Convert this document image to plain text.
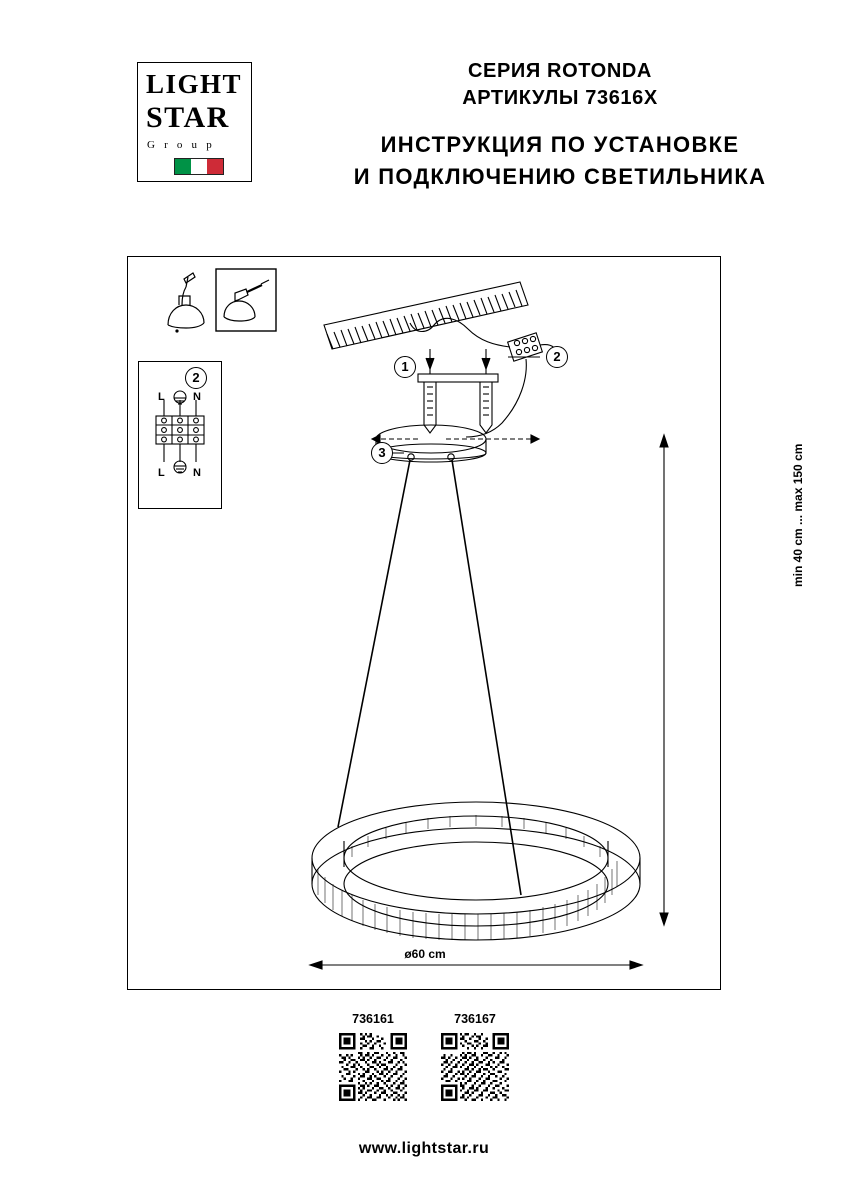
LIGHT
STAR
G r o u p
СЕРИЯ ROTONDA
АРТИКУЛЫ 73616X
ИНСТРУКЦИЯ ПО УСТАНОВКЕ
И ПОДКЛЮЧЕНИЮ СВЕТИЛЬНИКА
L	N
L	N
2
1
2
3	min 40 cm ... max 150 cm
ø60 cm
736161	736167
www.lightstar.ru
